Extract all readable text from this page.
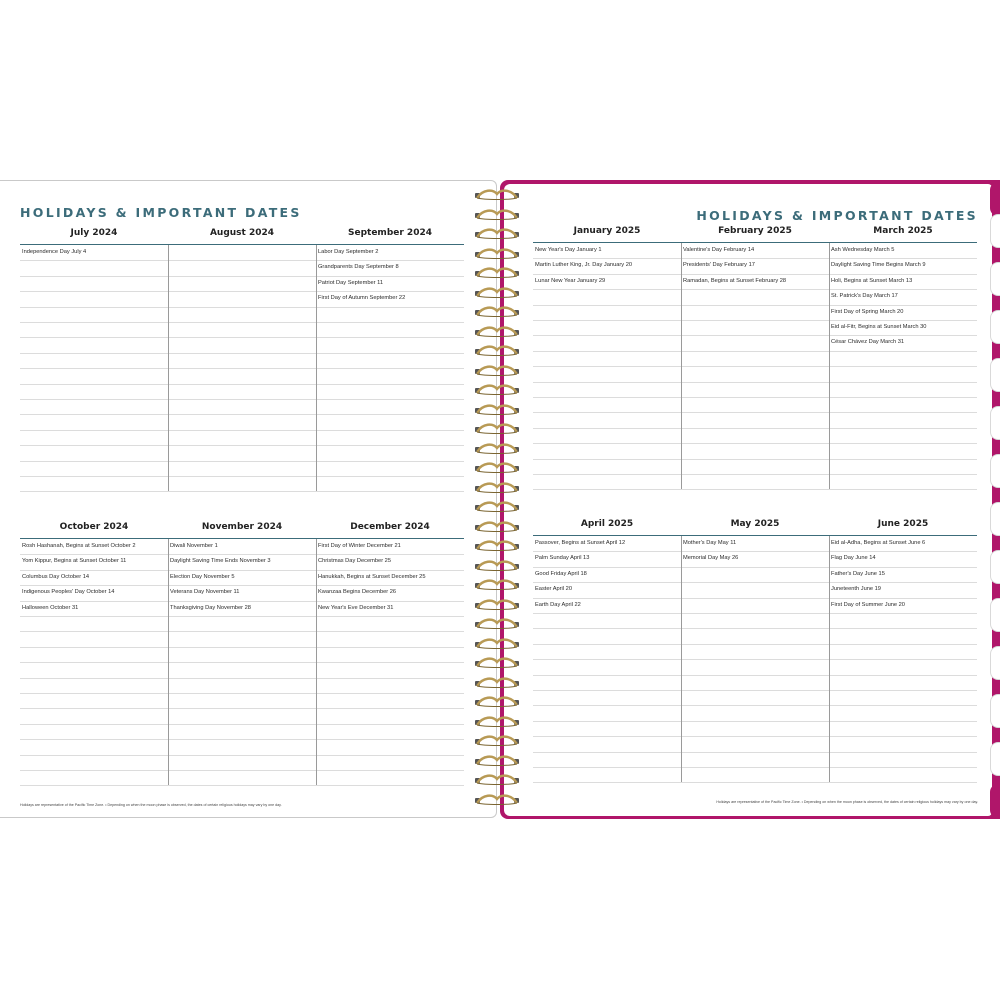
HOLIDAYS & IMPORTANT DATES
July 2024
Independence Day July 4
August 2024	September 2024
Labor Day September 2
Grandparents Day September 8
Patriot Day September 11
First Day of Autumn September 22
October 2024
Rosh Hashanah, Begins at Sunset October 2
Yom Kippur, Begins at Sunset October 11
Columbus Day October 14
Indigenous Peoples' Day October 14
Halloween October 31
November 2024
Diwali November 1
Daylight Saving Time Ends November 3
Election Day November 5
Veterans Day November 11
Thanksgiving Day November 28
December 2024
First Day of Winter December 21
Christmas Day December 25
Hanukkah, Begins at Sunset December 25
Kwanzaa Begins December 26
New Year's Eve December 31
Holidays are representative of the Pacific Time Zone. • Depending on when the moon phase is observed, the dates of certain religious holidays may vary by one day.
HOLIDAYS & IMPORTANT DATES
January 2025
New Year's Day January 1
Martin Luther King, Jr. Day January 20
Lunar New Year January 29
February 2025
Valentine's Day February 14
Presidents' Day February 17
Ramadan, Begins at Sunset February 28
March 2025
Ash Wednesday March 5
Daylight Saving Time Begins March 9
Holi, Begins at Sunset March 13
St. Patrick's Day March 17
First Day of Spring March 20
Eid al-Fitr, Begins at Sunset March 30
César Chávez Day March 31
April 2025
Passover, Begins at Sunset April 12
Palm Sunday April 13
Good Friday April 18
Easter April 20
Earth Day April 22
May 2025
Mother's Day May 11
Memorial Day May 26
June 2025
Eid al-Adha, Begins at Sunset June 6
Flag Day June 14
Father's Day June 15
Juneteenth June 19
First Day of Summer June 20
Holidays are representative of the Pacific Time Zone. • Depending on when the moon phase is observed, the dates of certain religious holidays may vary by one day.
